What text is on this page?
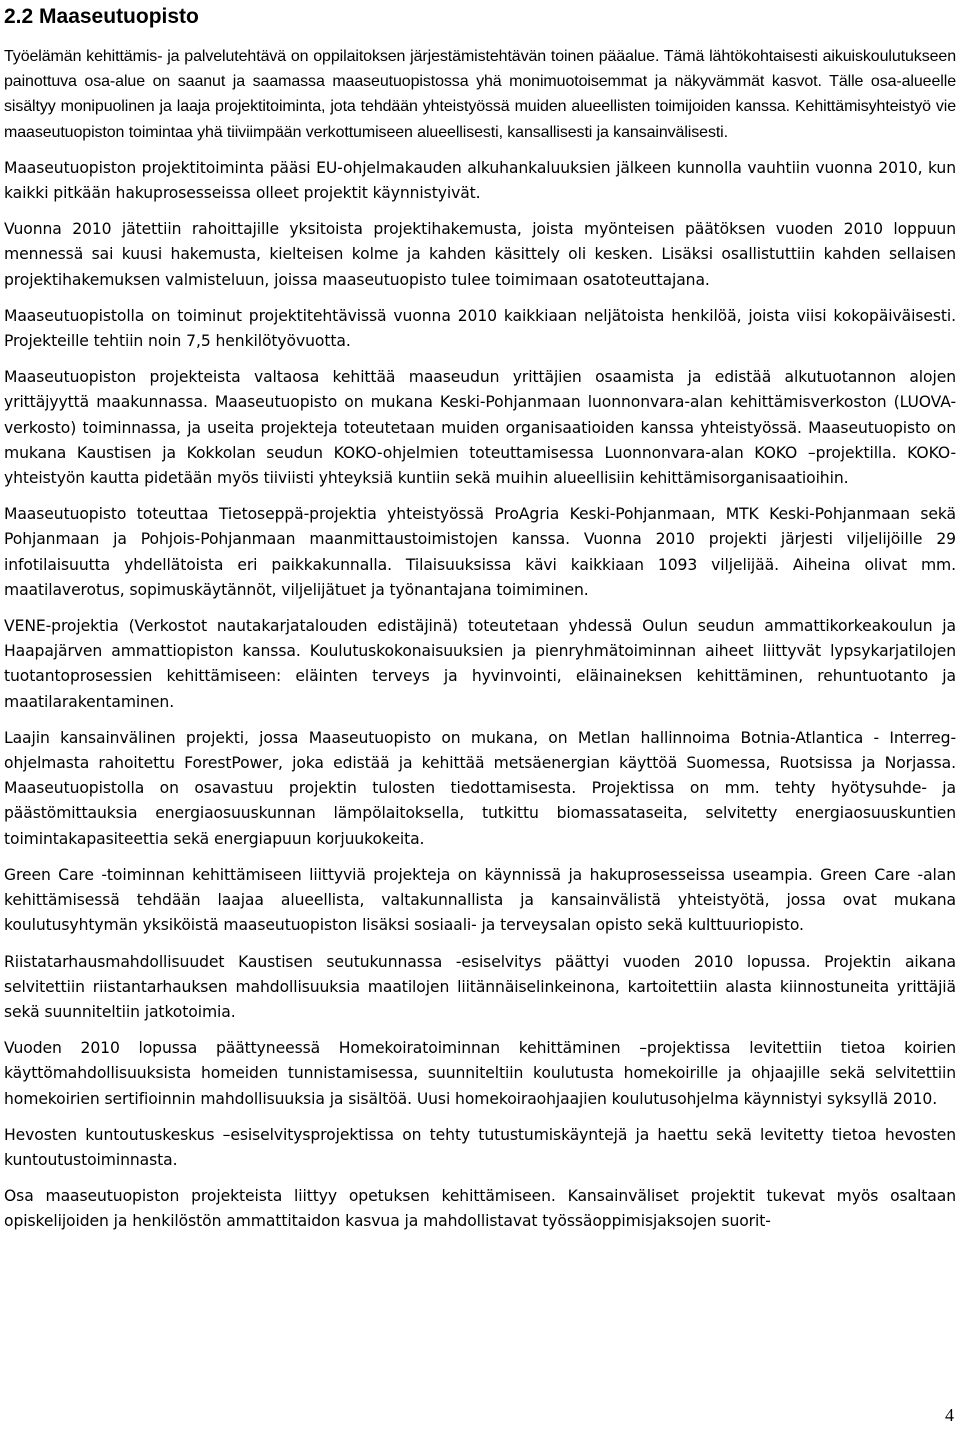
2.2 Maaseutuopisto

Työelämän kehittämis- ja palvelutehtävä on oppilaitoksen järjestämistehtävän toinen pääalue. Tämä lähtökohtaisesti aikuiskoulutukseen painottuva osa-alue on saanut ja saamassa maaseutuopistossa yhä monimuotoisemmat ja näkyvämmät kasvot. Tälle osa-alueelle sisältyy monipuolinen ja laaja projektitoiminta, jota tehdään yhteistyössä muiden alueellisten toimijoiden kanssa. Kehittämisyhteistyö vie maaseutuopiston toimintaa yhä tiiviimpään verkottumiseen alueellisesti, kansallisesti ja kansainvälisesti.

Maaseutuopiston projektitoiminta pääsi EU-ohjelmakauden alkuhankaluuksien jälkeen kunnolla vauhtiin vuonna 2010, kun kaikki pitkään hakuprosesseissa olleet projektit käynnistyivät.

Vuonna 2010 jätettiin rahoittajille yksitoista projektihakemusta, joista myönteisen päätöksen vuoden 2010 loppuun mennessä sai kuusi hakemusta, kielteisen kolme ja kahden käsittely oli kesken. Lisäksi osallistuttiin kahden sellaisen projektihakemuksen valmisteluun, joissa maaseutuopisto tulee toimimaan osatoteuttajana.

Maaseutuopistolla on toiminut projektitehtävissä vuonna 2010 kaikkiaan neljätoista henkilöä, joista viisi kokopäiväisesti. Projekteille tehtiin noin 7,5 henkilötyövuotta.

Maaseutuopiston projekteista valtaosa kehittää maaseudun yrittäjien osaamista ja edistää alkutuotannon alojen yrittäjyyttä maakunnassa. Maaseutuopisto on mukana Keski-Pohjanmaan luonnonvara-alan kehittämisverkoston (LUOVA-verkosto) toiminnassa, ja useita projekteja toteutetaan muiden organisaatioiden kanssa yhteistyössä. Maaseutuopisto on mukana Kaustisen ja Kokkolan seudun KOKO-ohjelmien toteuttamisessa Luonnonvara-alan KOKO –projektilla. KOKO-yhteistyön kautta pidetään myös tiiviisti yhteyksiä kuntiin sekä muihin alueellisiin kehittämisorganisaatioihin.

Maaseutuopisto toteuttaa Tietoseppä-projektia yhteistyössä ProAgria Keski-Pohjanmaan, MTK Keski-Pohjanmaan sekä Pohjanmaan ja Pohjois-Pohjanmaan maanmittaustoimistojen kanssa. Vuonna 2010 projekti järjesti viljelijöille 29 infotilaisuutta yhdellätoista eri paikkakunnalla. Tilaisuuksissa kävi kaikkiaan 1093 viljelijää. Aiheina olivat mm. maatilaverotus, sopimuskäytännöt, viljelijätuet ja työnantajana toimiminen.

VENE-projektia (Verkostot nautakarjatalouden edistäjinä) toteutetaan yhdessä Oulun seudun ammattikorkeakoulun ja Haapajärven ammattiopiston kanssa. Koulutuskokonaisuuksien ja pienryhmätoiminnan aiheet liittyvät lypsykarjatilojen tuotantoprosessien kehittämiseen: eläinten terveys ja hyvinvointi, eläinaineksen kehittäminen, rehuntuotanto ja maatilarakentaminen.

Laajin kansainvälinen projekti, jossa Maaseutuopisto on mukana, on Metlan hallinnoima Botnia-Atlantica - Interreg-ohjelmasta rahoitettu ForestPower, joka edistää ja kehittää metsäenergian käyttöä Suomessa, Ruotsissa ja Norjassa. Maaseutuopistolla on osavastuu projektin tulosten tiedottamisesta. Projektissa on mm. tehty hyötysuhde- ja päästömittauksia energiaosuuskunnan lämpölaitoksella, tutkittu biomassataseita, selvitetty energiaosuuskuntien toimintakapasiteettia sekä energiapuun korjuukokeita.

Green Care -toiminnan kehittämiseen liittyviä projekteja on käynnissä ja hakuprosesseissa useampia. Green Care -alan kehittämisessä tehdään laajaa alueellista, valtakunnallista ja kansainvälistä yhteistyötä, jossa ovat mukana koulutusyhtymän yksiköistä maaseutuopiston lisäksi sosiaali- ja terveysalan opisto sekä kulttuuriopisto.

Riistatarhausmahdollisuudet Kaustisen seutukunnassa -esiselvitys päättyi vuoden 2010 lopussa. Projektin aikana selvitettiin riistantarhauksen mahdollisuuksia maatilojen liitännäiselinkeinona, kartoitettiin alasta kiinnostuneita yrittäjiä sekä suunniteltiin jatkotoimia.

Vuoden 2010 lopussa päättyneessä Homekoiratoiminnan kehittäminen –projektissa levitettiin tietoa koirien käyttömahdollisuuksista homeiden tunnistamisessa, suunniteltiin koulutusta homekoirille ja ohjaajille sekä selvitettiin homekoirien sertifioinnin mahdollisuuksia ja sisältöä. Uusi homekoiraohjaajien koulutusohjelma käynnistyi syksyllä 2010.

Hevosten kuntoutuskeskus –esiselvitysprojektissa on tehty tutustumiskäyntejä ja haettu sekä levitetty tietoa hevosten kuntoutustoiminnasta.

Osa maaseutuopiston projekteista liittyy opetuksen kehittämiseen. Kansainväliset projektit tukevat myös osaltaan opiskelijoiden ja henkilöstön ammattitaidon kasvua ja mahdollistavat työssäoppimisjaksojen suorit-

4
